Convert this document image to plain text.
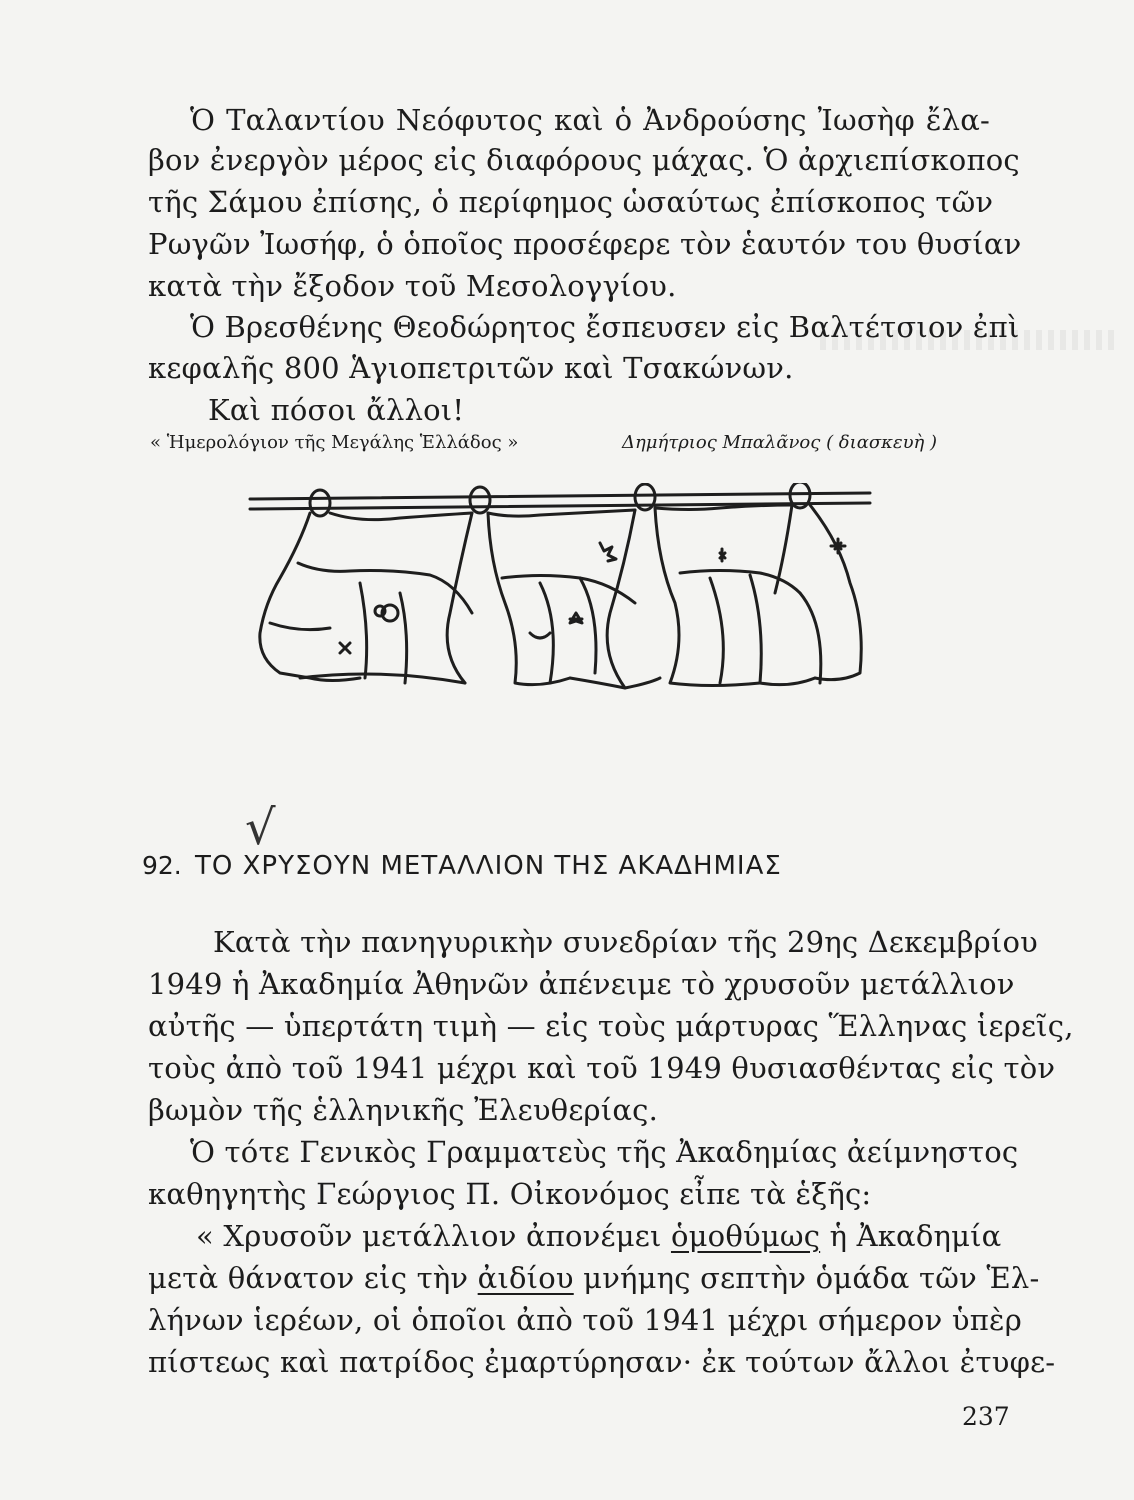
Ὁ Ταλαντίου Νεόφυτος καὶ ὁ Ἀνδρούσης Ἰωσὴφ ἔλα-
βον ἐνεργὸν μέρος εἰς διαφόρους μάχας. Ὁ ἀρχιεπίσκοπος
τῆς Σάμου ἐπίσης, ὁ περίφημος ὡσαύτως ἐπίσκοπος τῶν
Ρωγῶν Ἰωσήφ, ὁ ὁποῖος προσέφερε τὸν ἑαυτόν του θυσίαν
κατὰ τὴν ἔξοδον τοῦ Μεσολογγίου.
Ὁ Βρεσθένης Θεοδώρητος ἔσπευσεν εἰς Βαλτέτσιον ἐπὶ
κεφαλῆς 800 Ἁγιοπετριτῶν καὶ Τσακώνων.
Καὶ πόσοι ἄλλοι!
« Ἡμερολόγιον τῆς Μεγάλης Ἑλλάδος »	Δημήτριος Μπαλᾶνος ( διασκευὴ )
√
92. ΤΟ ΧΡΥΣΟΥΝ ΜΕΤΑΛΛΙΟΝ ΤΗΣ ΑΚΑΔΗΜΙΑΣ
Κατὰ τὴν πανηγυρικὴν συνεδρίαν τῆς 29ης Δεκεμβρίου
1949 ἡ Ἀκαδημία Ἀθηνῶν ἀπένειμε τὸ χρυσοῦν μετάλλιον
αὐτῆς — ὑπερτάτη τιμὴ — εἰς τοὺς μάρτυρας Ἕλληνας ἱερεῖς,
τοὺς ἀπὸ τοῦ 1941 μέχρι καὶ τοῦ 1949 θυσιασθέντας εἰς τὸν
βωμὸν τῆς ἑλληνικῆς Ἐλευθερίας.
Ὁ τότε Γενικὸς Γραμματεὺς τῆς Ἀκαδημίας ἀείμνηστος
καθηγητὴς Γεώργιος Π. Οἰκονόμος εἶπε τὰ ἑξῆς:
« Χρυσοῦν μετάλλιον ἀπονέμει ὁμοθύμως ἡ Ἀκαδημία
μετὰ θάνατον εἰς τὴν ἀιδίου μνήμης σεπτὴν ὁμάδα τῶν Ἑλ-
λήνων ἱερέων, οἱ ὁποῖοι ἀπὸ τοῦ 1941 μέχρι σήμερον ὑπὲρ
πίστεως καὶ πατρίδος ἐμαρτύρησαν· ἐκ τούτων ἄλλοι ἐτυφε-
237
